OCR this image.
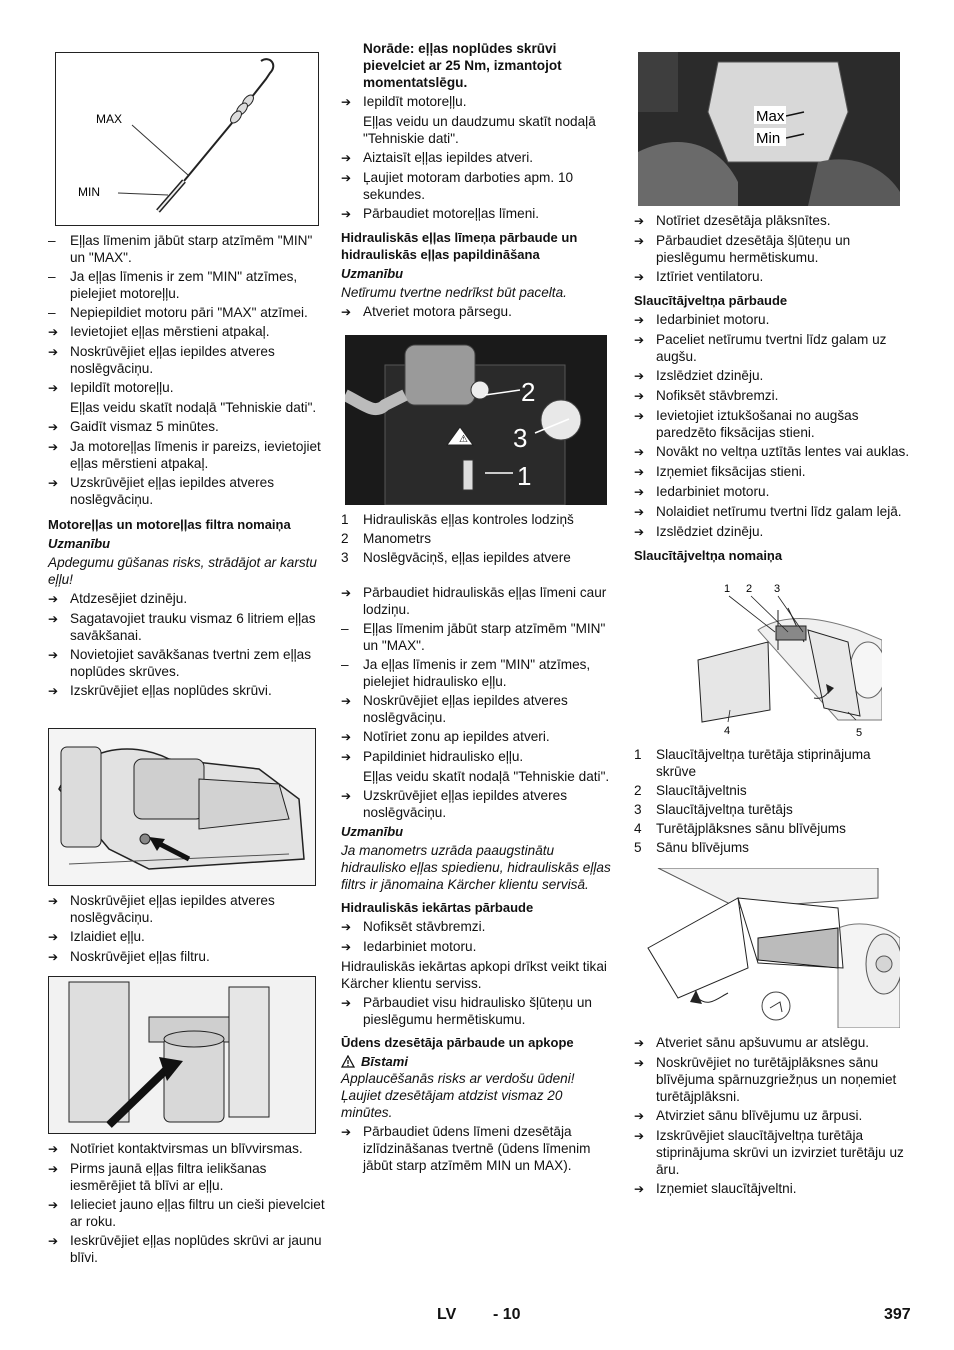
MAX
MIN
–	Eļļas līmenim jābūt starp atzīmēm "MIN" un "MAX".
–	Ja eļļas līmenis ir zem "MIN" atzīmes, pielejiet motoreļļu.
–	Nepiepildiet motoru pāri "MAX" atzīmei.
➔
Ievietojiet eļļas mērstieni atpakaļ.
➔
Noskrūvējiet eļļas iepildes atveres noslēgvāciņu.
➔
Iepildīt motoreļļu.
Eļļas veidu skatīt nodaļā "Tehniskie dati".
➔
Gaidīt vismaz 5 minūtes.
➔
Ja motoreļļas līmenis ir pareizs, ievietojiet eļļas mērstieni atpakaļ.
➔
Uzskrūvējiet eļļas iepildes atveres noslēgvāciņu.
Motoreļļas un motoreļļas filtra nomaiņa
Uzmanību
Apdegumu gūšanas risks, strādājot ar karstu eļļu!
➔
Atdzesējiet dzinēju.
➔
Sagatavojiet trauku vismaz 6 litriem eļļas savākšanai.
➔
Novietojiet savākšanas tvertni zem eļļas noplūdes skrūves.
➔
Izskrūvējiet eļļas noplūdes skrūvi.
➔
Noskrūvējiet eļļas iepildes atveres noslēgvāciņu.
➔
Izlaidiet eļļu.
➔
Noskrūvējiet eļļas filtru.
➔
Notīriet kontaktvirsmas un blīvvirsmas.
➔
Pirms jaunā eļļas filtra ielikšanas iesmērējiet tā blīvi ar eļļu.
➔
Ielieciet jauno eļļas filtru un cieši pievelciet ar roku.
➔
Ieskrūvējiet eļļas noplūdes skrūvi ar jaunu blīvi.
Norāde: eļļas noplūdes skrūvi pievelciet ar 25 Nm, izmantojot momentatslēgu.
➔
Iepildīt motoreļļu.
Eļļas veidu un daudzumu skatīt nodaļā "Tehniskie dati".
➔
Aiztaisīt eļļas iepildes atveri.
➔
Ļaujiet motoram darboties apm. 10 sekundes.
➔
Pārbaudiet motoreļļas līmeni.
Hidrauliskās eļļas līmeņa pārbaude un hidrauliskās eļļas papildināšana
Uzmanību
Netīrumu tvertne nedrīkst būt pacelta.
➔
Atveriet motora pārsegu.
⚠
2
3
1
1	Hidrauliskās eļļas kontroles lodziņš
2	Manometrs
3	Noslēgvāciņš, eļļas iepildes atvere
➔
Pārbaudiet hidrauliskās eļļas līmeni caur lodziņu.
–	Eļļas līmenim jābūt starp atzīmēm "MIN" un "MAX".
–	Ja eļļas līmenis ir zem "MIN" atzīmes, pielejiet hidraulisko eļļu.
➔
Noskrūvējiet eļļas iepildes atveres noslēgvāciņu.
➔
Notīriet zonu ap iepildes atveri.
➔
Papildiniet hidraulisko eļļu.
Eļļas veidu skatīt nodaļā "Tehniskie dati".
➔
Uzskrūvējiet eļļas iepildes atveres noslēgvāciņu.
Uzmanību
Ja manometrs uzrāda paaugstinātu hidraulisko eļļas spiedienu, hidrauliskās eļļas filtrs ir jānomaina Kärcher klientu servisā.
Hidrauliskās iekārtas pārbaude
➔
Nofiksēt stāvbremzi.
➔
Iedarbiniet motoru.
Hidrauliskās iekārtas apkopi drīkst veikt tikai Kärcher klientu serviss.
➔
Pārbaudiet visu hidraulisko šļūteņu un pieslēgumu hermētiskumu.
Ūdens dzesētāja pārbaude un apkope
Bīstami
Applaucēšanās risks ar verdošu ūdeni! Ļaujiet dzesētājam atdzist vismaz 20 minūtes.
➔
Pārbaudiet ūdens līmeni dzesētāja izlīdzināšanas tvertnē (ūdens līmenim jābūt starp atzīmēm MIN un MAX).
Max
Min
➔
Notīriet dzesētāja plāksnītes.
➔
Pārbaudiet dzesētāja šļūteņu un pieslēgumu hermētiskumu.
➔
Iztīriet ventilatoru.
Slaucītājveltņa pārbaude
➔
Iedarbiniet motoru.
➔
Paceliet netīrumu tvertni līdz galam uz augšu.
➔
Izslēdziet dzinēju.
➔
Nofiksēt stāvbremzi.
➔
Ievietojiet iztukšošanai no augšas paredzēto fiksācijas stieni.
➔
Novākt no veltņa uztītās lentes vai auklas.
➔
Izņemiet fiksācijas stieni.
➔
Iedarbiniet motoru.
➔
Nolaidiet netīrumu tvertni līdz galam lejā.
➔
Izslēdziet dzinēju.
Slaucītājveltņa nomaiņa
1 2 3
4	5
1	Slaucītājveltņa turētāja stiprinājuma skrūve
2	Slaucītājveltnis
3	Slaucītājveltņa turētājs
4	Turētājplāksnes sānu blīvējums
5	Sānu blīvējums
➔
Atveriet sānu apšuvumu ar atslēgu.
➔
Noskrūvējiet no turētājplāksnes sānu blīvējuma spārnuzgriežņus un noņemiet turētājplāksni.
➔
Atvirziet sānu blīvējumu uz ārpusi.
➔
Izskrūvējiet slaucītājveltņa turētāja stiprinājuma skrūvi un izvirziet turētāju uz āru.
➔
Izņemiet slaucītājveltni.
LV - 10	397
